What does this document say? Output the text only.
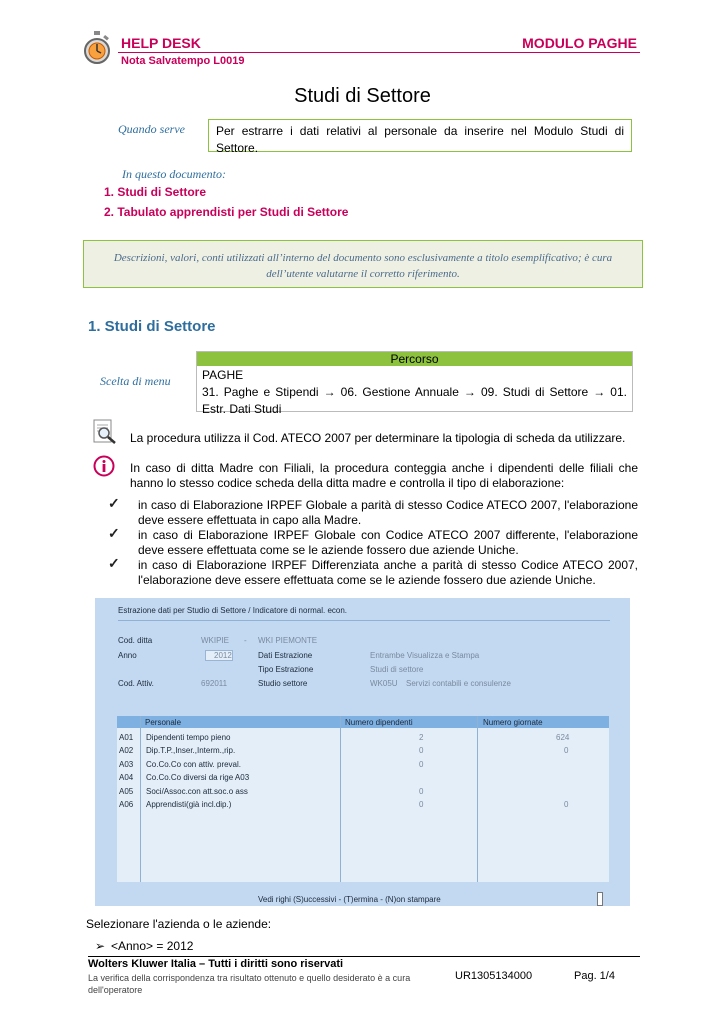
HELP DESK	MODULO PAGHE
Nota Salvatempo L0019
Studi di Settore
Quando serve	Per estrarre i dati relativi al personale da inserire nel Modulo Studi di Settore.
In questo documento:
1. Studi di Settore
2. Tabulato apprendisti per Studi di Settore
Descrizioni, valori, conti utilizzati all’interno del documento sono esclusivamente a titolo esemplificativo; è cura dell’utente valutarne il corretto riferimento.
1. Studi di Settore
Scelta di menu
Percorso
PAGHE
31. Paghe e Stipendi → 06. Gestione Annuale → 09. Studi di Settore → 01. Estr. Dati Studi
La procedura utilizza il Cod. ATECO 2007 per determinare la tipologia di scheda da utilizzare.
In caso di ditta Madre con Filiali, la procedura conteggia anche i dipendenti delle filiali che hanno lo stesso codice scheda della ditta madre e controlla il tipo di elaborazione:
✓	in caso di Elaborazione IRPEF Globale a parità di stesso Codice ATECO 2007, l'elaborazione deve essere effettuata in capo alla Madre.
✓	in caso di Elaborazione IRPEF Globale con Codice ATECO 2007 differente, l'elaborazione deve essere effettuata come se le aziende fossero due aziende Uniche.
✓	in caso di Elaborazione IRPEF Differenziata anche a parità di stesso Codice ATECO 2007, l'elaborazione deve essere effettuata come se le aziende fossero due aziende Uniche.
Estrazione dati per Studio di Settore / Indicatore di normal. econ.
Cod. ditta	WKIPIE - WKI PIEMONTE
Anno	2012	Dati Estrazione	Entrambe Visualizza e Stampa
Tipo Estrazione	Studi di settore
Cod. Attiv.	692011	Studio settore	WK05U Servizi contabili e consulenze
Personale	Numero dipendenti	Numero giornate
A01 Dipendenti tempo pieno	2	624
A02 Dip.T.P.,Inser.,Interm.,rip.	0	0
A03 Co.Co.Co con attiv. preval.	0
A04 Co.Co.Co diversi da rige A03
A05 Soci/Assoc.con att.soc.o ass	0
A06 Apprendisti(già incl.dip.)	0	0
Vedi righi (S)uccessivi - (T)ermina - (N)on stampare
Selezionare l'azienda o le aziende:
➢ <Anno> = 2012
Wolters Kluwer Italia – Tutti i diritti sono riservati
La verifica della corrispondenza tra risultato ottenuto e quello desiderato è a cura dell'operatore
UR1305134000	Pag. 1/4
